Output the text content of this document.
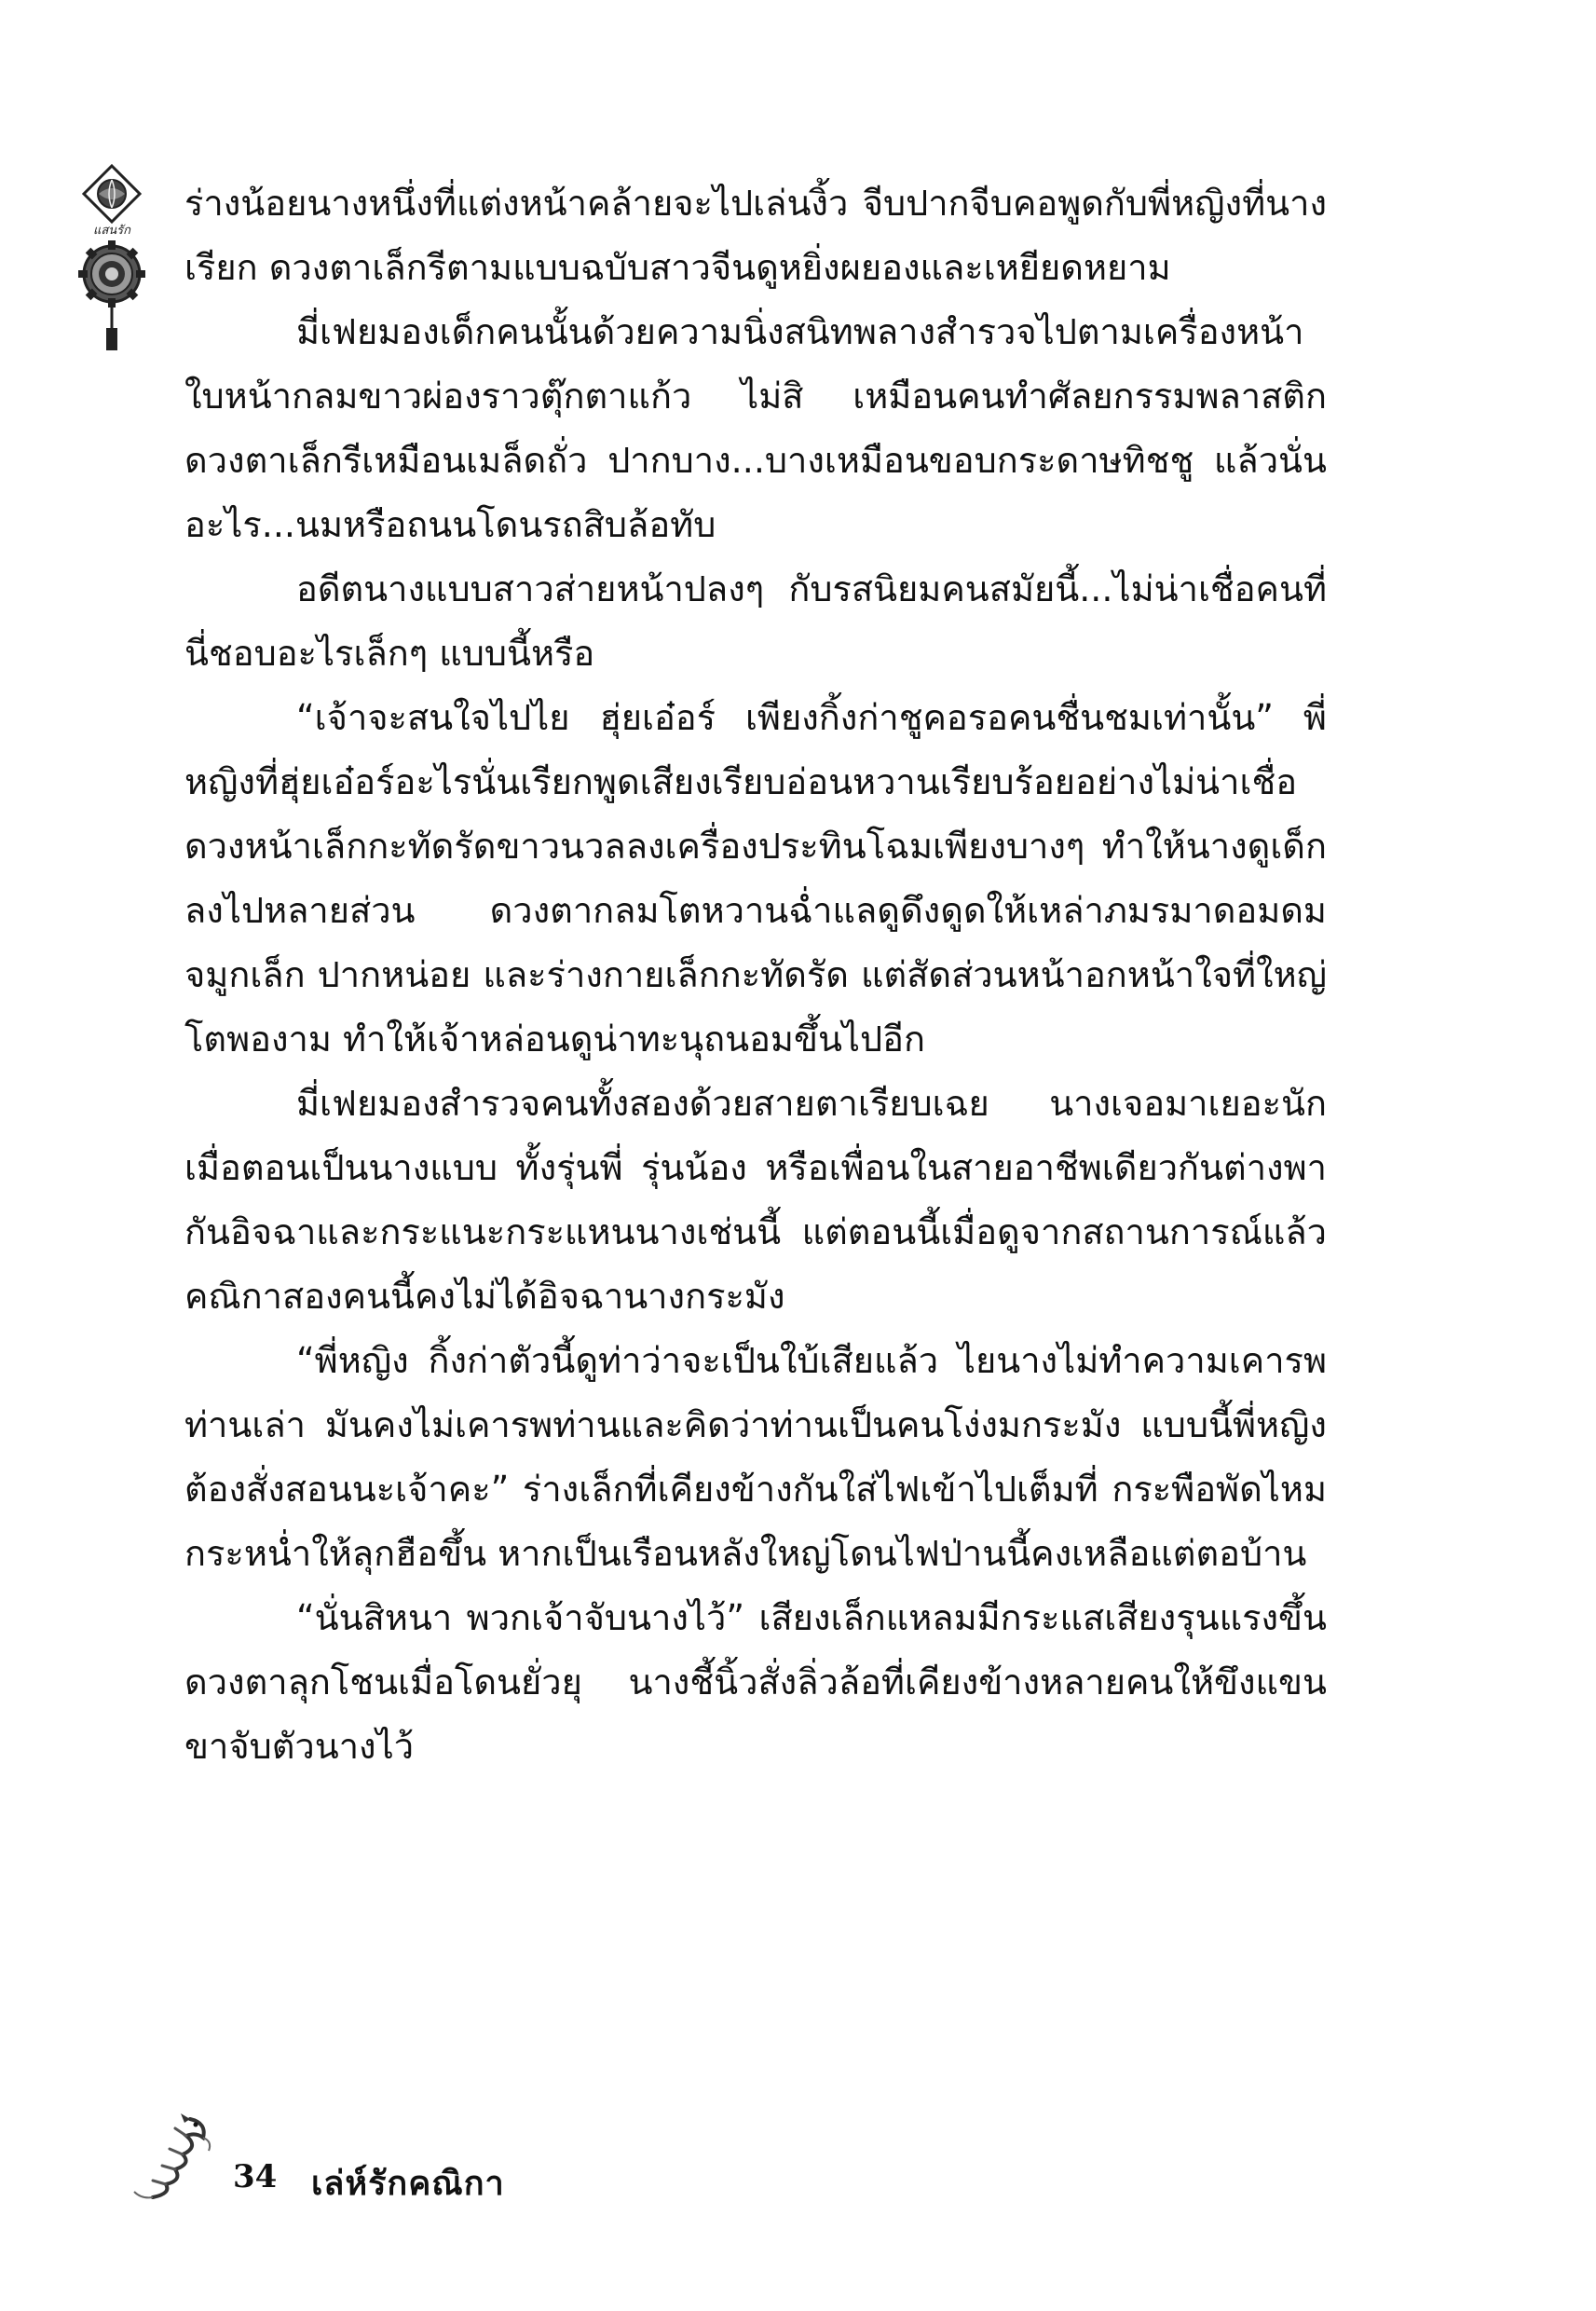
แสนรัก

ร่างน้อยนางหนึ่งที่แต่งหน้าคล้ายจะไปเล่นงิ้ว จีบปากจีบคอพูดกับพี่หญิงที่นางเรียก ดวงตาเล็กรีตามแบบฉบับสาวจีนดูหยิ่งผยองและเหยียดหยาม

มี่เฟยมองเด็กคนนั้นด้วยความนิ่งสนิทพลางสำรวจไปตามเครื่องหน้า ใบหน้ากลมขาวผ่องราวตุ๊กตาแก้ว ไม่สิ เหมือนคนทำศัลยกรรมพลาสติก ดวงตาเล็กรีเหมือนเมล็ดถั่ว ปากบาง...บางเหมือนขอบกระดาษทิชชู แล้วนั่นอะไร...นมหรือถนนโดนรถสิบล้อทับ

อดีตนางแบบสาวส่ายหน้าปลงๆ กับรสนิยมคนสมัยนี้...ไม่น่าเชื่อคนที่นี่ชอบอะไรเล็กๆ แบบนี้หรือ

“เจ้าจะสนใจไปไย ฮุ่ยเอ๋อร์ เพียงกิ้งก่าชูคอรอคนชื่นชมเท่านั้น” พี่หญิงที่ฮุ่ยเอ๋อร์อะไรนั่นเรียกพูดเสียงเรียบอ่อนหวานเรียบร้อยอย่างไม่น่าเชื่อ ดวงหน้าเล็กกะทัดรัดขาวนวลลงเครื่องประทินโฉมเพียงบางๆ ทำให้นางดูเด็กลงไปหลายส่วน ดวงตากลมโตหวานฉ่ำแลดูดึงดูดให้เหล่าภมรมาดอมดม จมูกเล็ก ปากหน่อย และร่างกายเล็กกะทัดรัด แต่สัดส่วนหน้าอกหน้าใจที่ใหญ่โตพองาม ทำให้เจ้าหล่อนดูน่าทะนุถนอมขึ้นไปอีก

มี่เฟยมองสำรวจคนทั้งสองด้วยสายตาเรียบเฉย นางเจอมาเยอะนักเมื่อตอนเป็นนางแบบ ทั้งรุ่นพี่ รุ่นน้อง หรือเพื่อนในสายอาชีพเดียวกันต่างพากันอิจฉาและกระแนะกระแหนนางเช่นนี้ แต่ตอนนี้เมื่อดูจากสถานการณ์แล้วคณิกาสองคนนี้คงไม่ได้อิจฉานางกระมัง

“พี่หญิง กิ้งก่าตัวนี้ดูท่าว่าจะเป็นใบ้เสียแล้ว ไยนางไม่ทำความเคารพท่านเล่า มันคงไม่เคารพท่านและคิดว่าท่านเป็นคนโง่งมกระมัง แบบนี้พี่หญิงต้องสั่งสอนนะเจ้าคะ” ร่างเล็กที่เคียงข้างกันใส่ไฟเข้าไปเต็มที่ กระพือพัดไหมกระหน่ำให้ลุกฮือขึ้น หากเป็นเรือนหลังใหญ่โดนไฟป่านนี้คงเหลือแต่ตอบ้าน

“นั่นสิหนา พวกเจ้าจับนางไว้” เสียงเล็กแหลมมีกระแสเสียงรุนแรงขึ้น ดวงตาลุกโชนเมื่อโดนยั่วยุ นางชี้นิ้วสั่งลิ่วล้อที่เคียงข้างหลายคนให้ขึงแขนขาจับตัวนางไว้

34 เล่ห์รักคณิกา
